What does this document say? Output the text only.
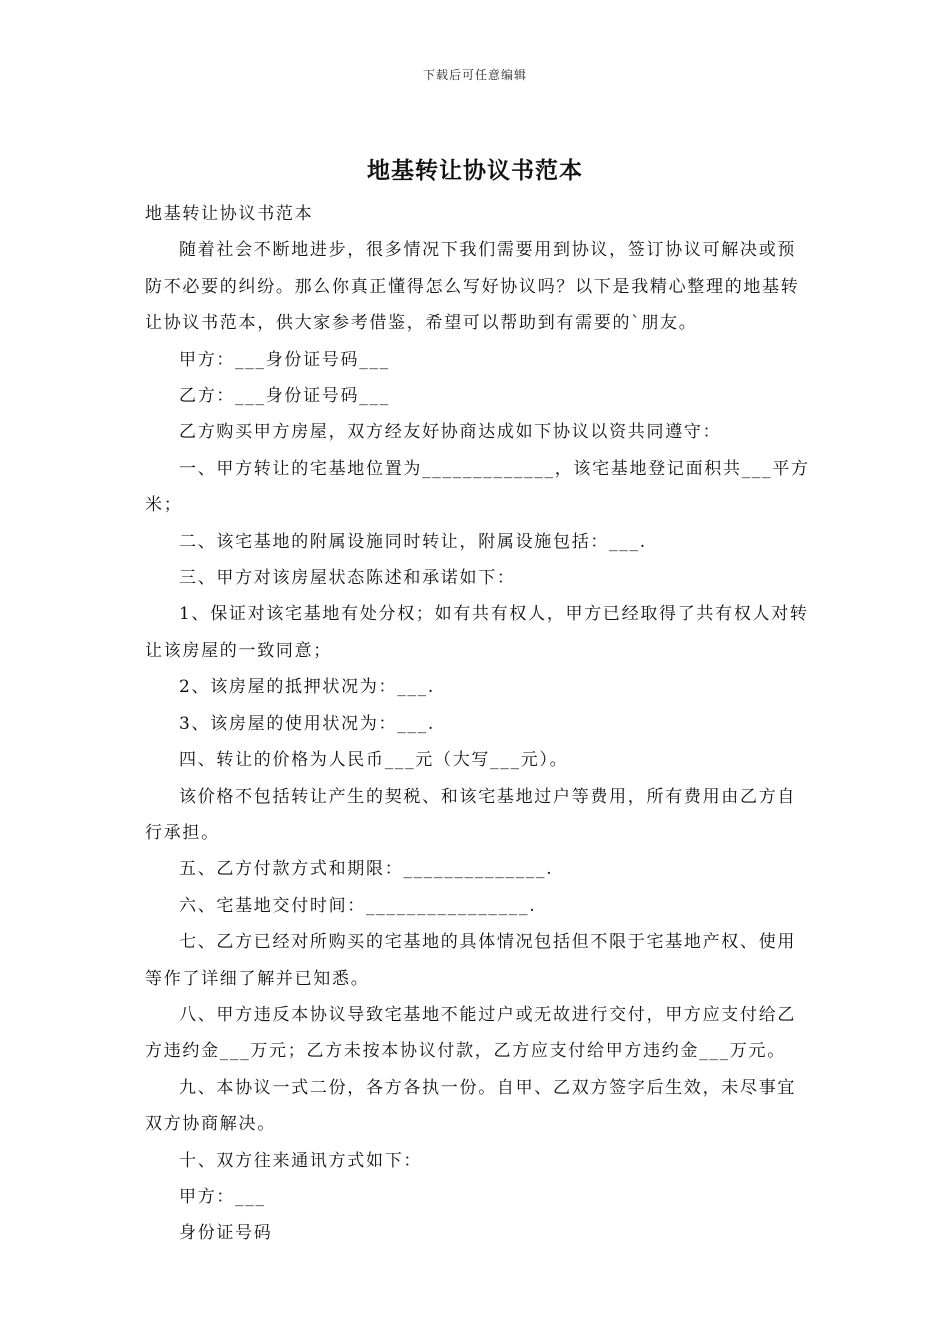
下载后可任意编辑
地基转让协议书范本

地基转让协议书范本

随着社会不断地进步，很多情况下我们需要用到协议，签订协议可解决或预防不必要的纠纷。那么你真正懂得怎么写好协议吗？以下是我精心整理的地基转让协议书范本，供大家参考借鉴，希望可以帮助到有需要的`朋友。

甲方：___身份证号码___

乙方：___身份证号码___

乙方购买甲方房屋，双方经友好协商达成如下协议以资共同遵守：

一、甲方转让的宅基地位置为_____________，该宅基地登记面积共___平方米；

二、该宅基地的附属设施同时转让，附属设施包括：___.

三、甲方对该房屋状态陈述和承诺如下：

1、保证对该宅基地有处分权；如有共有权人，甲方已经取得了共有权人对转让该房屋的一致同意；

2、该房屋的抵押状况为：___.

3、该房屋的使用状况为：___.

四、转让的价格为人民币___元（大写___元）。

该价格不包括转让产生的契税、和该宅基地过户等费用，所有费用由乙方自行承担。

五、乙方付款方式和期限：______________.

六、宅基地交付时间：________________.

七、乙方已经对所购买的宅基地的具体情况包括但不限于宅基地产权、使用等作了详细了解并已知悉。

八、甲方违反本协议导致宅基地不能过户或无故进行交付，甲方应支付给乙方违约金___万元；乙方未按本协议付款，乙方应支付给甲方违约金___万元。

九、本协议一式二份，各方各执一份。自甲、乙双方签字后生效，未尽事宜双方协商解决。

十、双方往来通讯方式如下：

甲方：___

身份证号码
